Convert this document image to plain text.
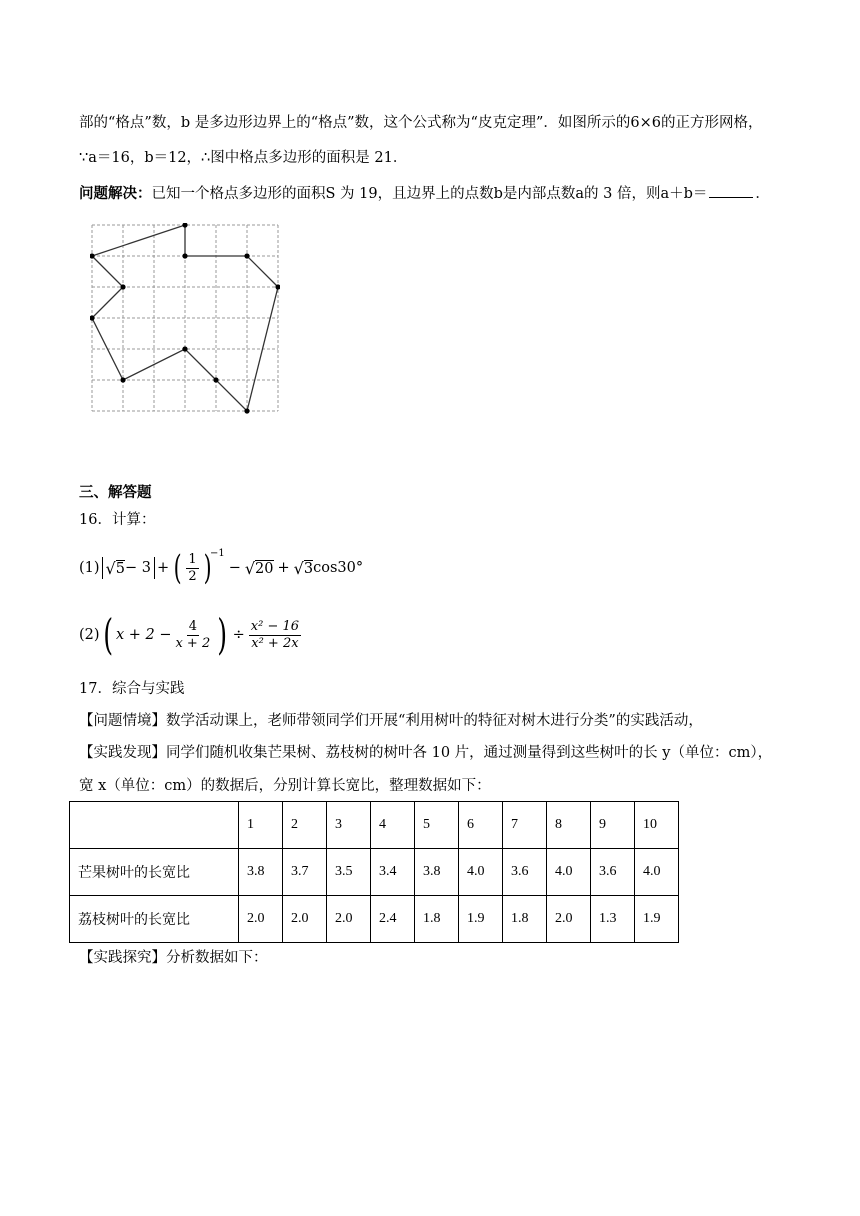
部的“格点”数，b 是多边形边界上的“格点”数，这个公式称为“皮克定理”．如图所示的6×6的正方形网格，
∵a＝16，b＝12，∴图中格点多边形的面积是 21．
问题解决：已知一个格点多边形的面积S 为 19，且边界上的点数b是内部点数a的 3 倍，则a＋b＝	．
三、解答题
16．计算：
(1) √ 5 − 3 + ( $\frac{1}{2}$ )
−1
− √ 20 + √ 3 cos30°
(2) ( $x + 2 - \frac{4}{x + 2}$ ) ÷ $\frac{\text{x² − 16}}{\text{x² + 2x}}$
17．综合与实践
【问题情境】数学活动课上，老师带领同学们开展“利用树叶的特征对树木进行分类”的实践活动，
【实践发现】同学们随机收集芒果树、荔枝树的树叶各 10 片，通过测量得到这些树叶的长 y（单位：cm），
宽 x（单位：cm）的数据后，分别计算长宽比，整理数据如下：
	1	2	3	4	5	6	7	8	9	10
芒果树叶的长宽比	3.8	3.7	3.5	3.4	3.8	4.0	3.6	4.0	3.6	4.0
荔枝树叶的长宽比	2.0	2.0	2.0	2.4	1.8	1.9	1.8	2.0	1.3	1.9
【实践探究】分析数据如下：
